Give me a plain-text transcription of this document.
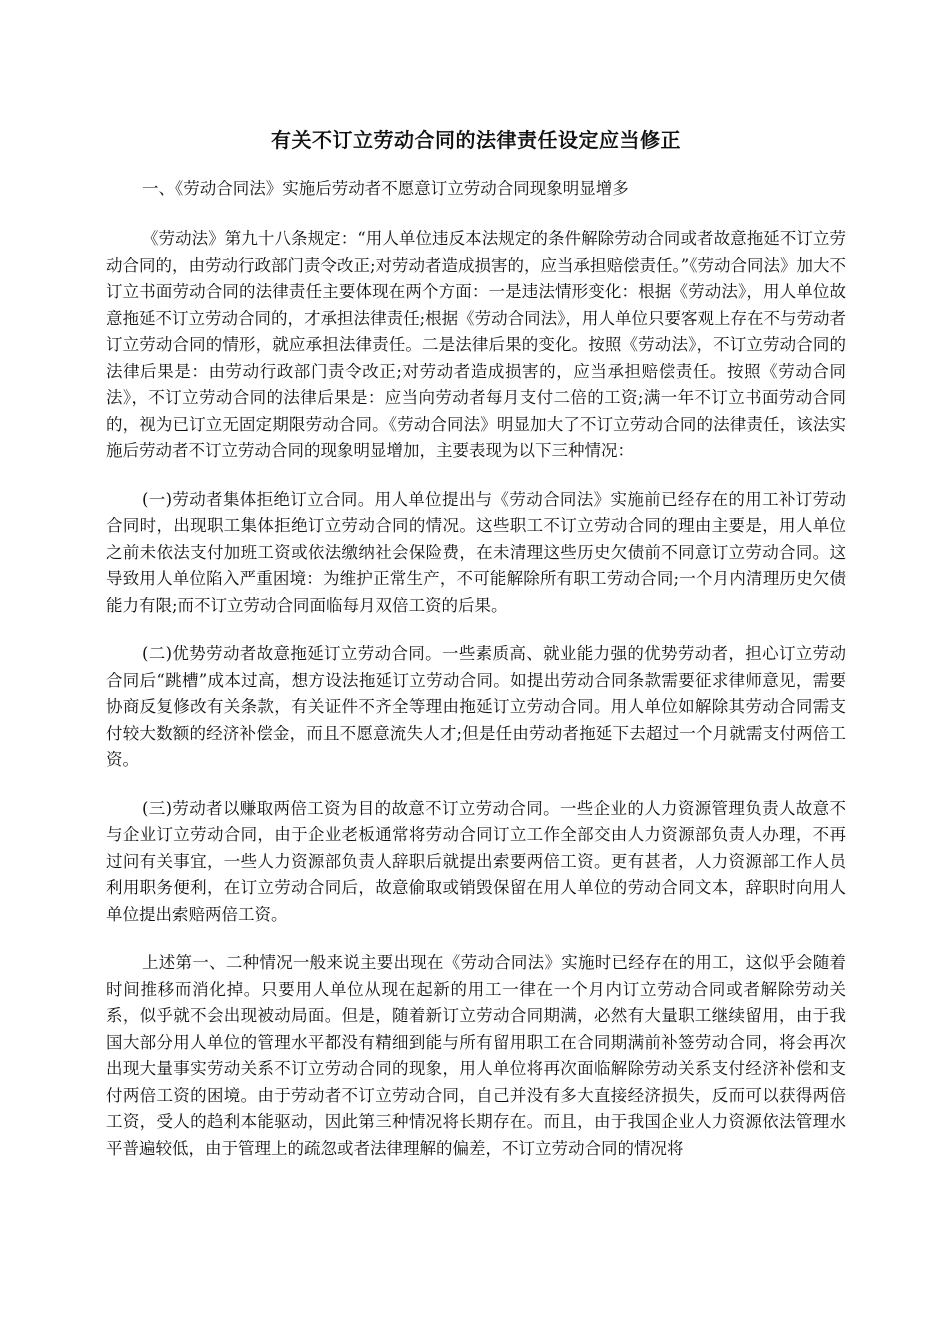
有关不订立劳动合同的法律责任设定应当修正

一、《劳动合同法》实施后劳动者不愿意订立劳动合同现象明显增多

《劳动法》第九十八条规定：“用人单位违反本法规定的条件解除劳动合同或者故意拖延不订立劳动合同的，由劳动行政部门责令改正;对劳动者造成损害的，应当承担赔偿责任。”《劳动合同法》加大不订立书面劳动合同的法律责任主要体现在两个方面：一是违法情形变化：根据《劳动法》，用人单位故意拖延不订立劳动合同的，才承担法律责任;根据《劳动合同法》，用人单位只要客观上存在不与劳动者订立劳动合同的情形，就应承担法律责任。二是法律后果的变化。按照《劳动法》，不订立劳动合同的法律后果是：由劳动行政部门责令改正;对劳动者造成损害的，应当承担赔偿责任。按照《劳动合同法》，不订立劳动合同的法律后果是：应当向劳动者每月支付二倍的工资;满一年不订立书面劳动合同的，视为已订立无固定期限劳动合同。《劳动合同法》明显加大了不订立劳动合同的法律责任，该法实施后劳动者不订立劳动合同的现象明显增加，主要表现为以下三种情况：

(一)劳动者集体拒绝订立合同。用人单位提出与《劳动合同法》实施前已经存在的用工补订劳动合同时，出现职工集体拒绝订立劳动合同的情况。这些职工不订立劳动合同的理由主要是，用人单位之前未依法支付加班工资或依法缴纳社会保险费，在未清理这些历史欠债前不同意订立劳动合同。这导致用人单位陷入严重困境：为维护正常生产，不可能解除所有职工劳动合同;一个月内清理历史欠债能力有限;而不订立劳动合同面临每月双倍工资的后果。

(二)优势劳动者故意拖延订立劳动合同。一些素质高、就业能力强的优势劳动者，担心订立劳动合同后“跳槽”成本过高，想方设法拖延订立劳动合同。如提出劳动合同条款需要征求律师意见，需要协商反复修改有关条款，有关证件不齐全等理由拖延订立劳动合同。用人单位如解除其劳动合同需支付较大数额的经济补偿金，而且不愿意流失人才;但是任由劳动者拖延下去超过一个月就需支付两倍工资。

(三)劳动者以赚取两倍工资为目的故意不订立劳动合同。一些企业的人力资源管理负责人故意不与企业订立劳动合同，由于企业老板通常将劳动合同订立工作全部交由人力资源部负责人办理，不再过问有关事宜，一些人力资源部负责人辞职后就提出索要两倍工资。更有甚者，人力资源部工作人员利用职务便利，在订立劳动合同后，故意偷取或销毁保留在用人单位的劳动合同文本，辞职时向用人单位提出索赔两倍工资。

上述第一、二种情况一般来说主要出现在《劳动合同法》实施时已经存在的用工，这似乎会随着时间推移而消化掉。只要用人单位从现在起新的用工一律在一个月内订立劳动合同或者解除劳动关系，似乎就不会出现被动局面。但是，随着新订立劳动合同期满，必然有大量职工继续留用，由于我国大部分用人单位的管理水平都没有精细到能与所有留用职工在合同期满前补签劳动合同，将会再次出现大量事实劳动关系不订立劳动合同的现象，用人单位将再次面临解除劳动关系支付经济补偿和支付两倍工资的困境。由于劳动者不订立劳动合同，自己并没有多大直接经济损失，反而可以获得两倍工资，受人的趋利本能驱动，因此第三种情况将长期存在。而且，由于我国企业人力资源依法管理水平普遍较低，由于管理上的疏忽或者法律理解的偏差，不订立劳动合同的情况将
